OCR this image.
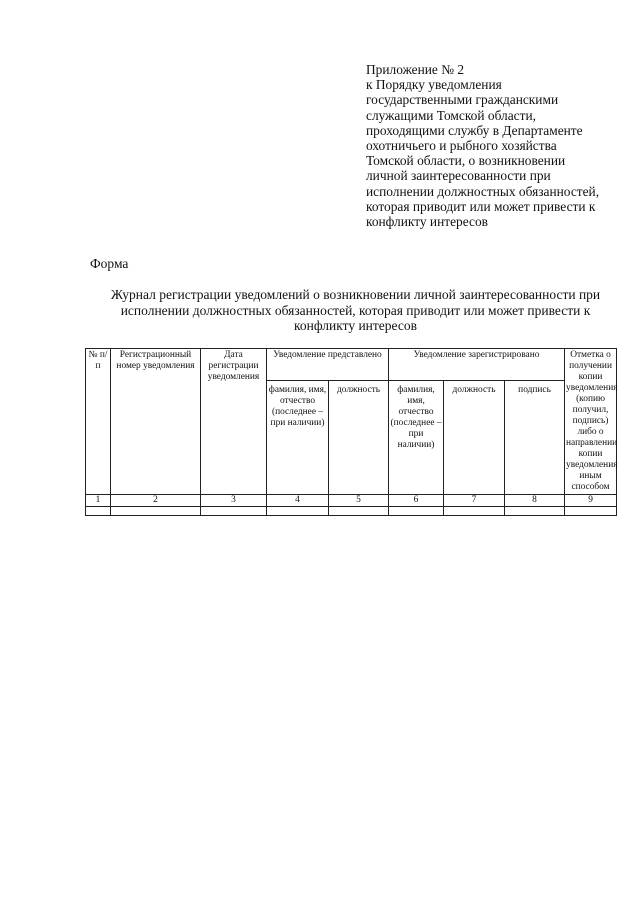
Приложение № 2
к Порядку уведомления
государственными гражданскими
служащими Томской области,
проходящими службу в Департаменте
охотничьего и рыбного хозяйства
Томской области, о возникновении
личной заинтересованности при
исполнении должностных обязанностей,
которая приводит или может привести к
конфликту интересов
Форма
Журнал регистрации уведомлений о возникновении личной заинтересованности при
исполнении должностных обязанностей, которая приводит или может привести к
конфликту интересов
№ п/п	Регистрационный номер уведомления	Дата регистрации уведомления	Уведомление представлено		Уведомление зарегистрировано			Отметка о получении копии уведомления (копию получил, подпись) либо о направлении копии уведомления иным способом
			фамилия, имя, отчество (последнее – при наличии)	должность	фамилия, имя, отчество (последнее – при наличии)	должность	подпись	
1	2	3	4	5	6	7	8	9
